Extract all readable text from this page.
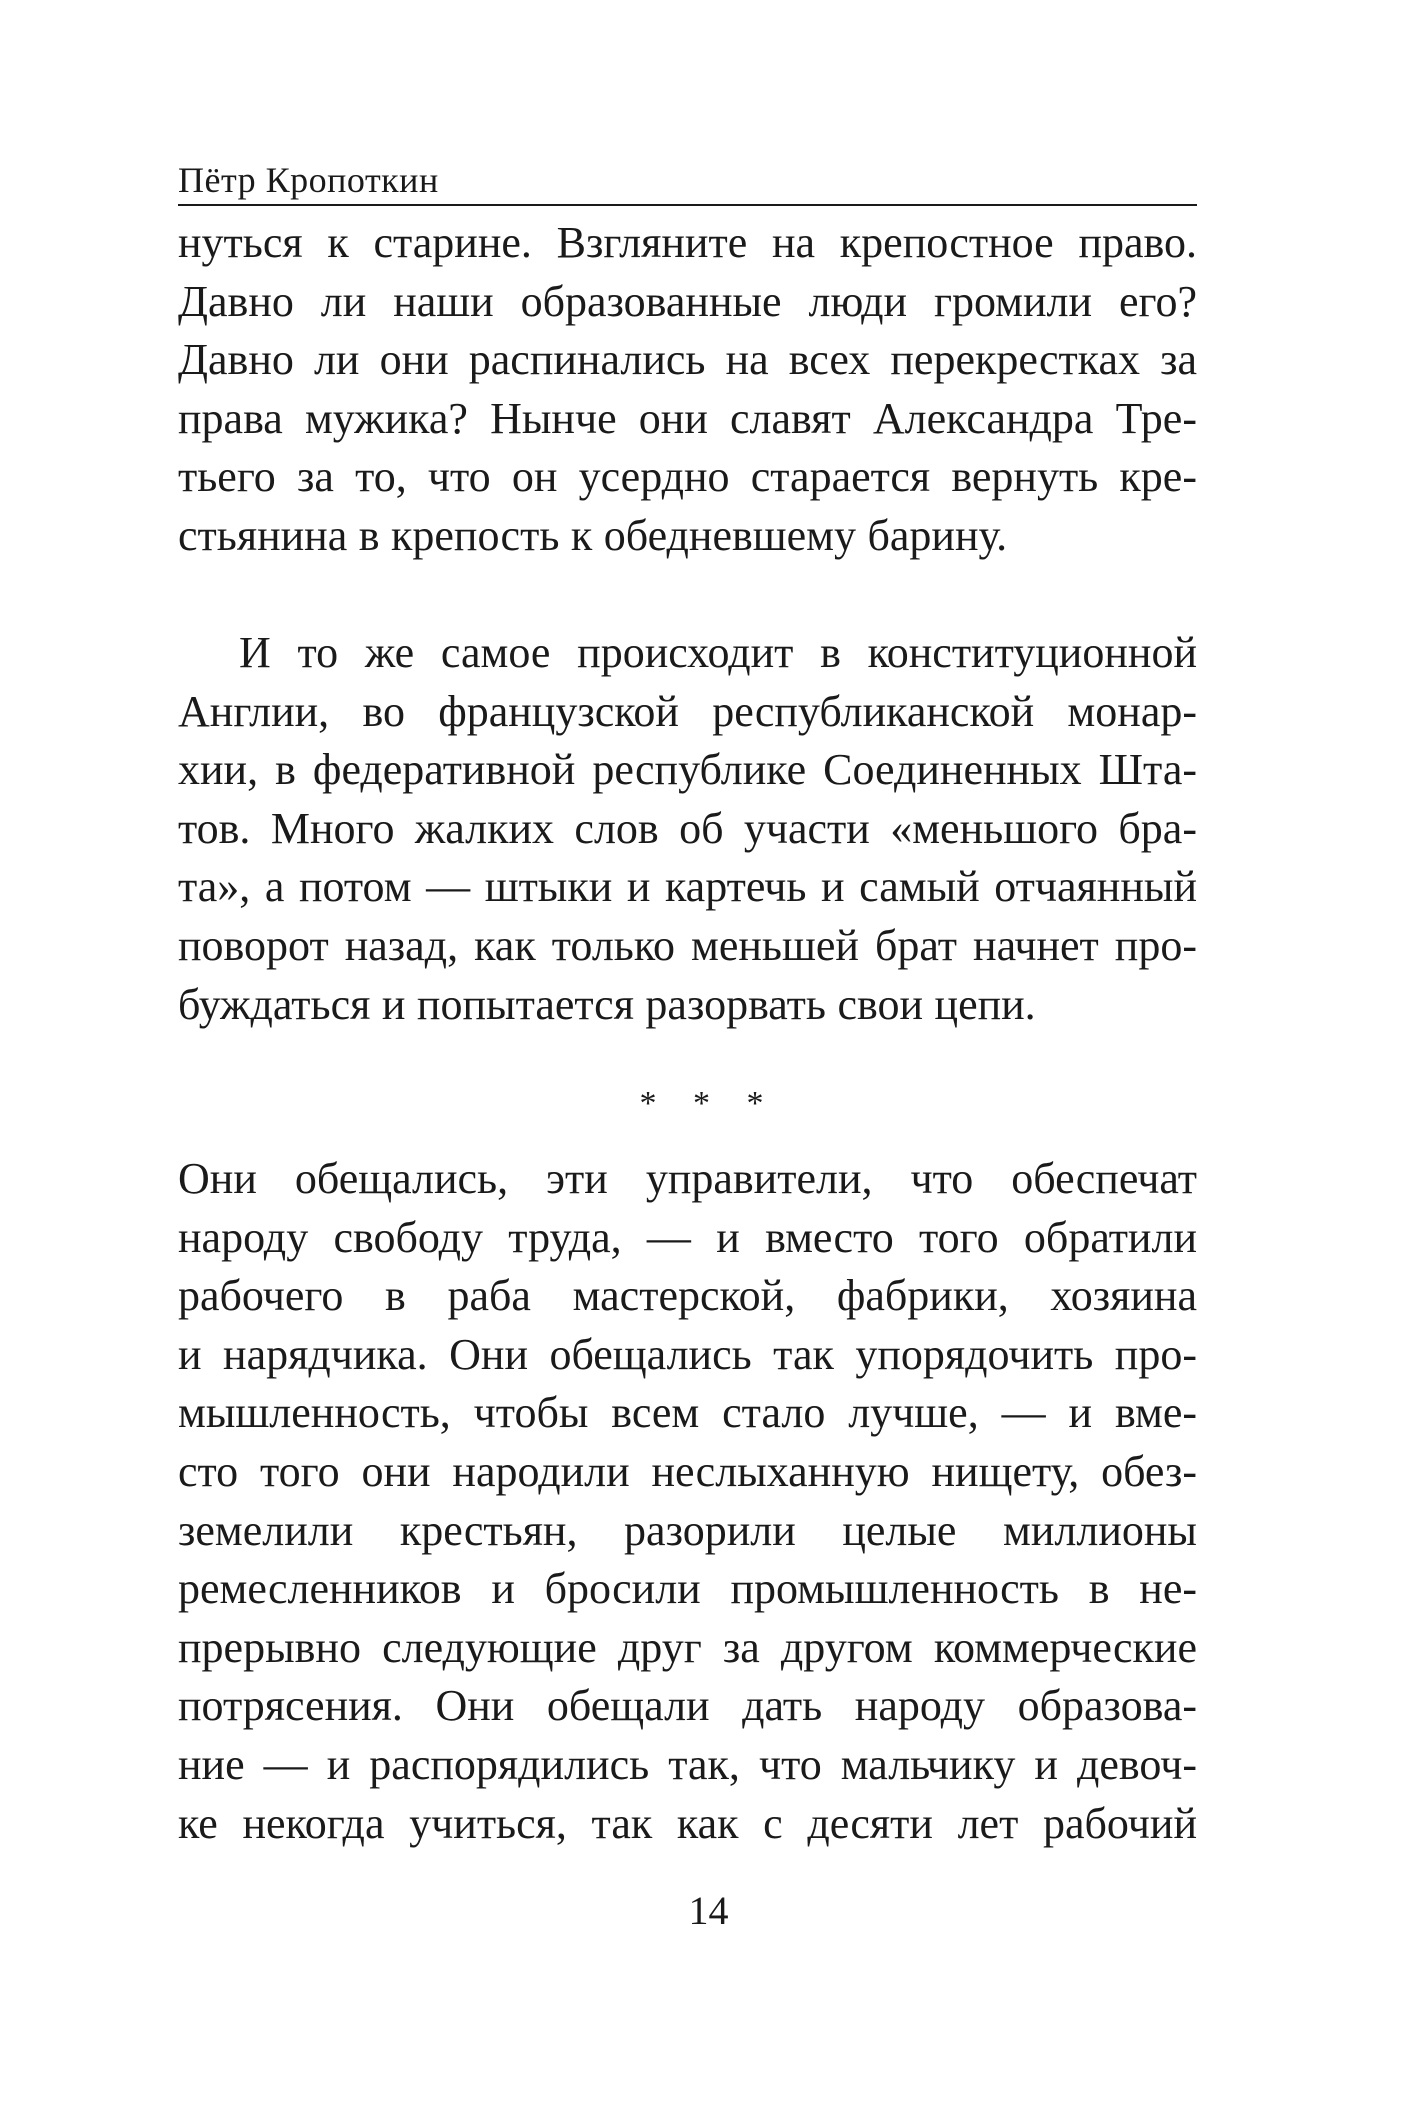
Пётр Кропоткин
нуться к старине. Взгляните на крепостное право.
Давно ли наши образованные люди громили его?
Давно ли они распинались на всех перекрестках за
права мужика? Нынче они славят Александра Тре-
тьего за то, что он усердно старается вернуть кре-
стьянина в крепость к обедневшему барину.
И то же самое происходит в конституционной
Англии, во французской республиканской монар-
хии, в федеративной республике Соединенных Шта-
тов. Много жалких слов об участи «меньшого бра-
та», а потом — штыки и картечь и самый отчаянный
поворот назад, как только меньшей брат начнет про-
буждаться и попытается разорвать свои цепи.
* * *
Они обещались, эти управители, что обеспечат
народу свободу труда, — и вместо того обратили
рабочего в раба мастерской, фабрики, хозяина
и нарядчика. Они обещались так упорядочить про-
мышленность, чтобы всем стало лучше, — и вме-
сто того они народили неслыханную нищету, обез-
земелили крестьян, разорили целые миллионы
ремесленников и бросили промышленность в не-
прерывно следующие друг за другом коммерческие
потрясения. Они обещали дать народу образова-
ние — и распорядились так, что мальчику и девоч-
ке некогда учиться, так как с десяти лет рабочий
14
